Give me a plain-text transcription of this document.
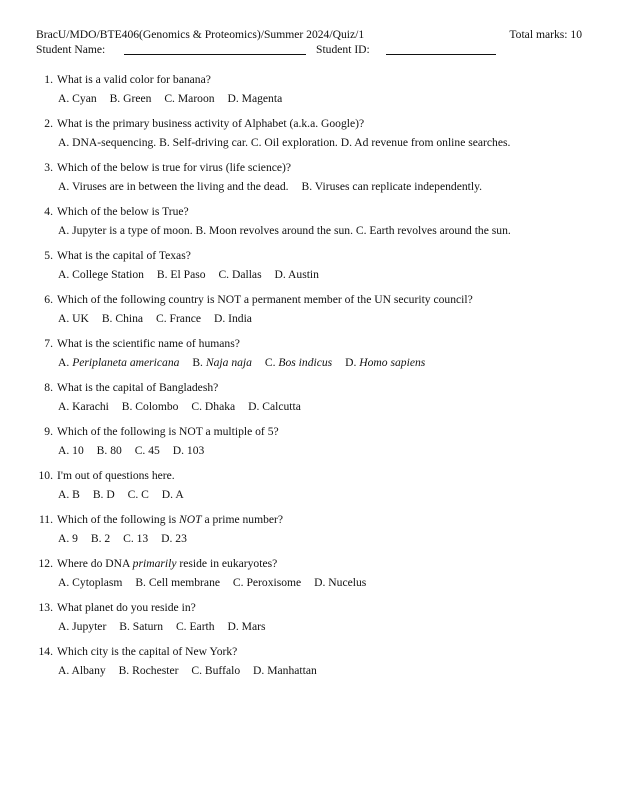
BracU/MDO/BTE406(Genomics & Proteomics)/Summer 2024/Quiz/1	Total marks: 10
Student Name:	Student ID:
1. What is a valid color for banana?
A. Cyan B. Green C. Maroon D. Magenta
2. What is the primary business activity of Alphabet (a.k.a. Google)?
A. DNA-sequencing. B. Self-driving car. C. Oil exploration. D. Ad revenue from online searches.
3. Which of the below is true for virus (life science)?
A. Viruses are in between the living and the dead. B. Viruses can replicate independently.
4. Which of the below is True?
A. Jupyter is a type of moon. B. Moon revolves around the sun. C. Earth revolves around the sun.
5. What is the capital of Texas?
A. College Station B. El Paso C. Dallas D. Austin
6. Which of the following country is NOT a permanent member of the UN security council?
A. UK B. China C. France D. India
7. What is the scientific name of humans?
A. Periplaneta americana B. Naja naja C. Bos indicus D. Homo sapiens
8. What is the capital of Bangladesh?
A. Karachi B. Colombo C. Dhaka D. Calcutta
9. Which of the following is NOT a multiple of 5?
A. 10 B. 80 C. 45 D. 103
10. I'm out of questions here.
A. B B. D C. C D. A
11. Which of the following is NOT a prime number?
A. 9 B. 2 C. 13 D. 23
12. Where do DNA primarily reside in eukaryotes?
A. Cytoplasm B. Cell membrane C. Peroxisome D. Nucelus
13. What planet do you reside in?
A. Jupyter B. Saturn C. Earth D. Mars
14. Which city is the capital of New York?
A. Albany B. Rochester C. Buffalo D. Manhattan
